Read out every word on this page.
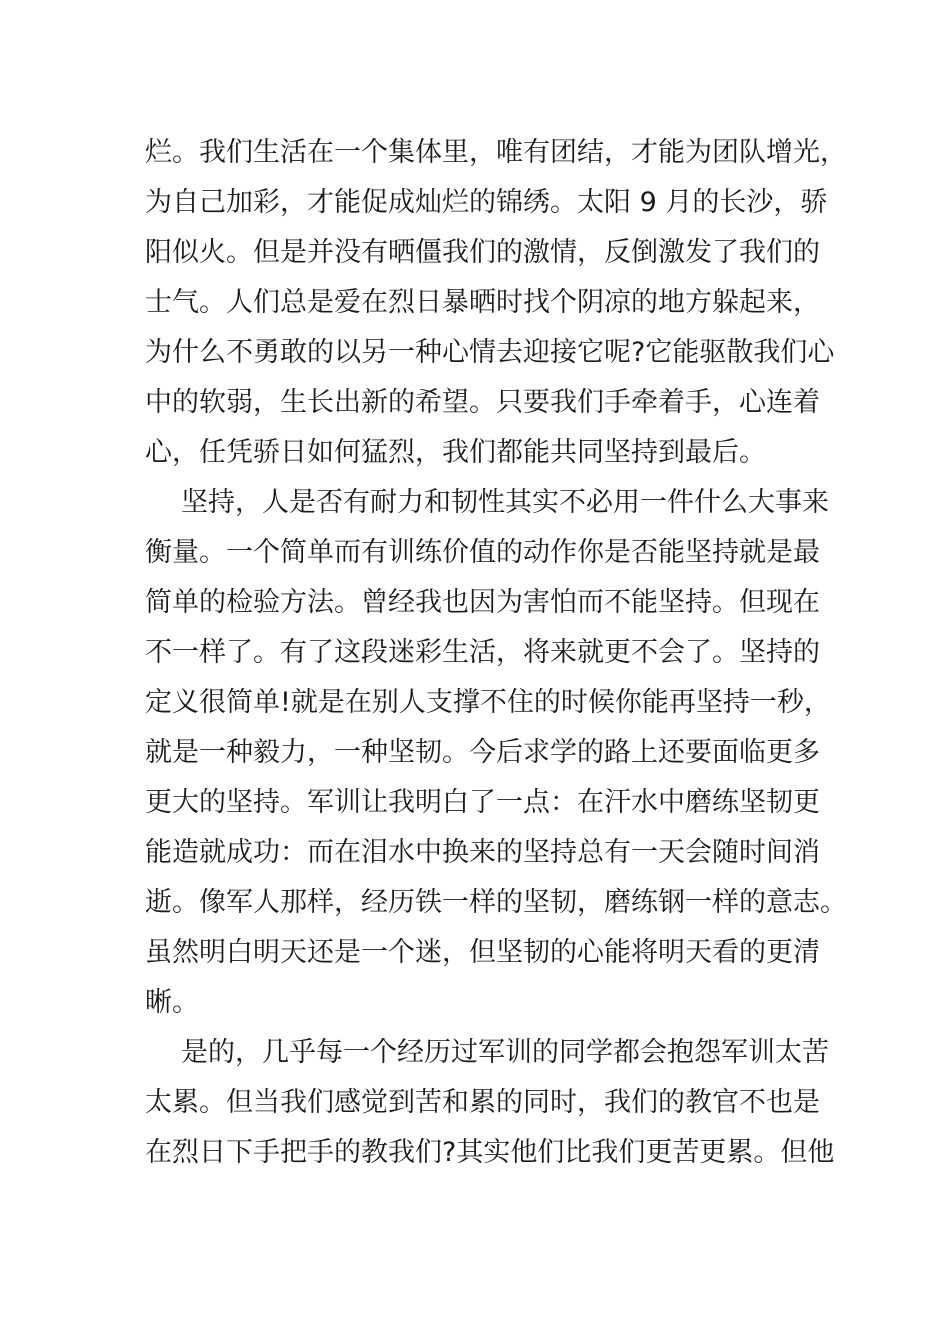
烂。我们生活在一个集体里，唯有团结，才能为团队增光，
为自己加彩，才能促成灿烂的锦绣。太阳 9 月的长沙，骄
阳似火。但是并没有晒僵我们的激情，反倒激发了我们的
士气。人们总是爱在烈日暴晒时找个阴凉的地方躲起来，
为什么不勇敢的以另一种心情去迎接它呢?它能驱散我们心
中的软弱，生长出新的希望。只要我们手牵着手，心连着
心，任凭骄日如何猛烈，我们都能共同坚持到最后。
坚持，人是否有耐力和韧性其实不必用一件什么大事来
衡量。一个简单而有训练价值的动作你是否能坚持就是最
简单的检验方法。曾经我也因为害怕而不能坚持。但现在
不一样了。有了这段迷彩生活，将来就更不会了。坚持的
定义很简单!就是在别人支撑不住的时候你能再坚持一秒，
就是一种毅力，一种坚韧。今后求学的路上还要面临更多
更大的坚持。军训让我明白了一点：在汗水中磨练坚韧更
能造就成功：而在泪水中换来的坚持总有一天会随时间消
逝。像军人那样，经历铁一样的坚韧，磨练钢一样的意志。
虽然明白明天还是一个迷，但坚韧的心能将明天看的更清
晰。
是的，几乎每一个经历过军训的同学都会抱怨军训太苦
太累。但当我们感觉到苦和累的同时，我们的教官不也是
在烈日下手把手的教我们?其实他们比我们更苦更累。但他
